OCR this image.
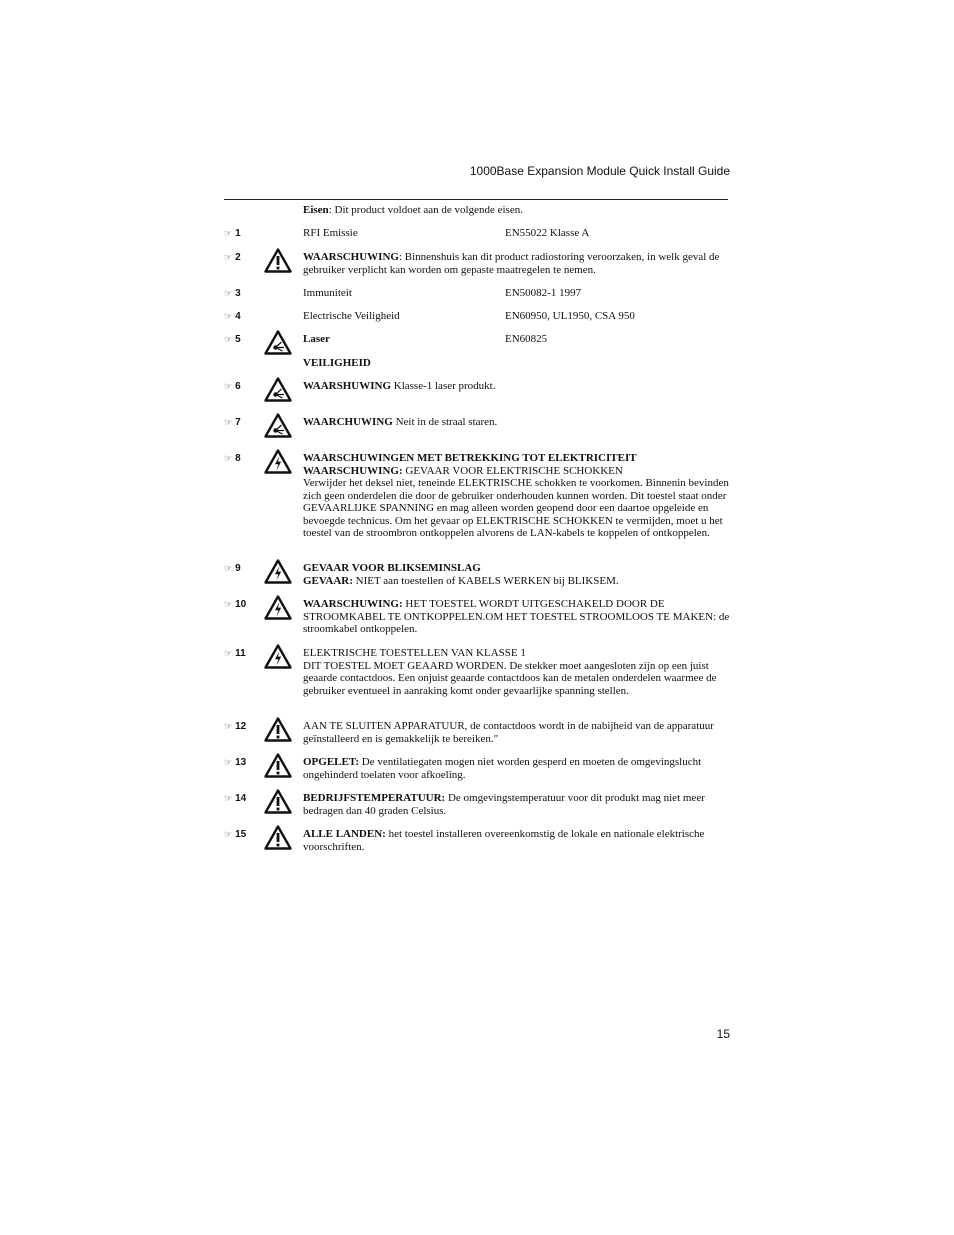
1000Base Expansion Module Quick Install Guide
Eisen: Dit product voldoet aan de volgende eisen.
☞ 1	RFI Emissie	EN55022 Klasse A
☞ 2	WAARSCHUWING: Binnenshuis kan dit product radiostoring veroorzaken, in welk geval de gebruiker verplicht kan worden om gepaste maatregelen te nemen.
☞ 3	Immuniteit	EN50082-1 1997
☞ 4	Electrische Veiligheid	EN60950, UL1950, CSA 950
☞ 5	Laser	EN60825
VEILIGHEID
☞ 6	WAARSHUWING Klasse-1 laser produkt.
☞ 7	WAARCHUWING Neit in de straal staren.
☞ 8	WAARSCHUWINGEN MET BETREKKING TOT ELEKTRICITEIT
WAARSCHUWING: GEVAAR VOOR ELEKTRISCHE SCHOKKEN
Verwijder het deksel niet, teneinde ELEKTRISCHE schokken te voorkomen. Binnenin bevinden zich geen onderdelen die door de gebruiker onderhouden kunnen worden. Dit toestel staat onder GEVAARLIJKE SPANNING en mag alleen worden geopend door een daartoe opgeleide en bevoegde technicus. Om het gevaar op ELEKTRISCHE SCHOKKEN te vermijden, moet u het toestel van de stroombron ontkoppelen alvorens de LAN-kabels te koppelen of ontkoppelen.
☞ 9	GEVAAR VOOR BLIKSEMINSLAG
GEVAAR: NIET aan toestellen of KABELS WERKEN bij BLIKSEM.
☞ 10	WAARSCHUWING: HET TOESTEL WORDT UITGESCHAKELD DOOR DE STROOMKABEL TE ONTKOPPELEN.OM HET TOESTEL STROOMLOOS TE MAKEN: de stroomkabel ontkoppelen.
☞ 11	ELEKTRISCHE TOESTELLEN VAN KLASSE 1
DIT TOESTEL MOET GEAARD WORDEN. De stekker moet aangesloten zijn op een juist geaarde contactdoos. Een onjuist geaarde contactdoos kan de metalen onderdelen waarmee de gebruiker eventueel in aanraking komt onder gevaarlijke spanning stellen.
☞ 12	AAN TE SLUITEN APPARATUUR, de contactdoos wordt in de nabijheid van de apparatuur geïnstalleerd en is gemakkelijk te bereiken."
☞ 13	OPGELET: De ventilatiegaten mogen niet worden gesperd en moeten de omgevingslucht ongehinderd toelaten voor afkoeling.
☞ 14	BEDRIJFSTEMPERATUUR: De omgevingstemperatuur voor dit produkt mag niet meer bedragen dan 40 graden Celsius.
☞ 15	ALLE LANDEN: het toestel installeren overeenkomstig de lokale en nationale elektrische voorschriften.
15
